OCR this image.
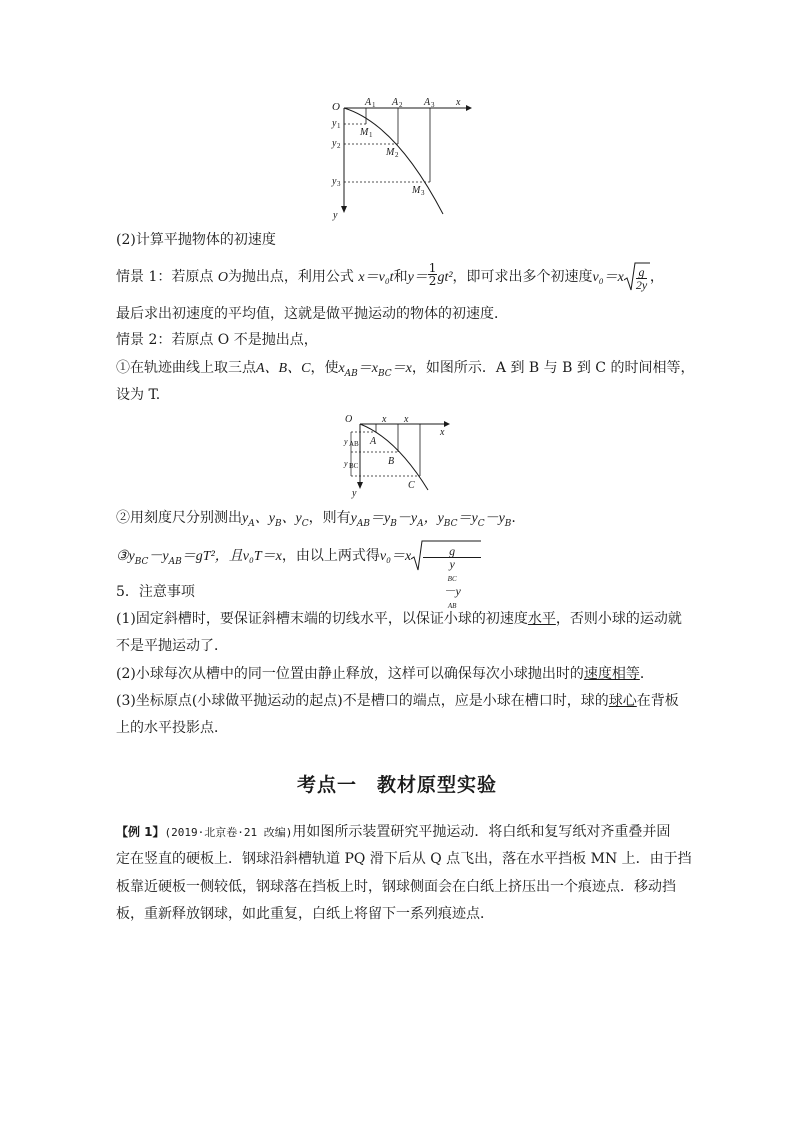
O	x
y
A 1 A 2 A 3
y 1
y 2
y 3
M 1
M 2
M 3

(2)计算平抛物体的初速度

情景 1：若原点 O为抛出点，利用公式 x＝v₀t和$y= \frac{1}{2} gt^2$，即可求出多个初速度$v_0=x \frac{g}{2y}$ ，

最后求出初速度的平均值，这就是做平抛运动的物体的初速度．

情景 2：若原点 O 不是抛出点，

①在轨迹曲线上取三点A、B、C，使$x_{AB}=x_{BC}=x$，如图所示．A 到 B 与 B 到 C 的时间相等，

设为 T.

O	x x
x
y
A
B
C
y AB
y BC

②用刻度尺分别测出$y_A$、$y_B$、$y_C$，则有$y_{AB}=y_B-y_A$，$y_{BC}=y_C-y_B$.

$③y_{BC}-y_{AB}=gT^2$，且v₀T＝x，由以上两式得v₀＝x	g
y
$_{BC}$
－y
$_{AB}$

5．注意事项

(1)固定斜槽时，要保证斜槽末端的切线水平，以保证小球的初速度水平，否则小球的运动就

不是平抛运动了．

(2)小球每次从槽中的同一位置由静止释放，这样可以确保每次小球抛出时的速度相等．

(3)坐标原点(小球做平抛运动的起点)不是槽口的端点，应是小球在槽口时，球的球心在背板

上的水平投影点．

考点一　教材原型实验

【例 1】(2019·北京卷·21 改编)用如图所示装置研究平抛运动．将白纸和复写纸对齐重叠并固

定在竖直的硬板上．钢球沿斜槽轨道 PQ 滑下后从 Q 点飞出，落在水平挡板 MN 上．由于挡

板靠近硬板一侧较低，钢球落在挡板上时，钢球侧面会在白纸上挤压出一个痕迹点．移动挡

板，重新释放钢球，如此重复，白纸上将留下一系列痕迹点．
